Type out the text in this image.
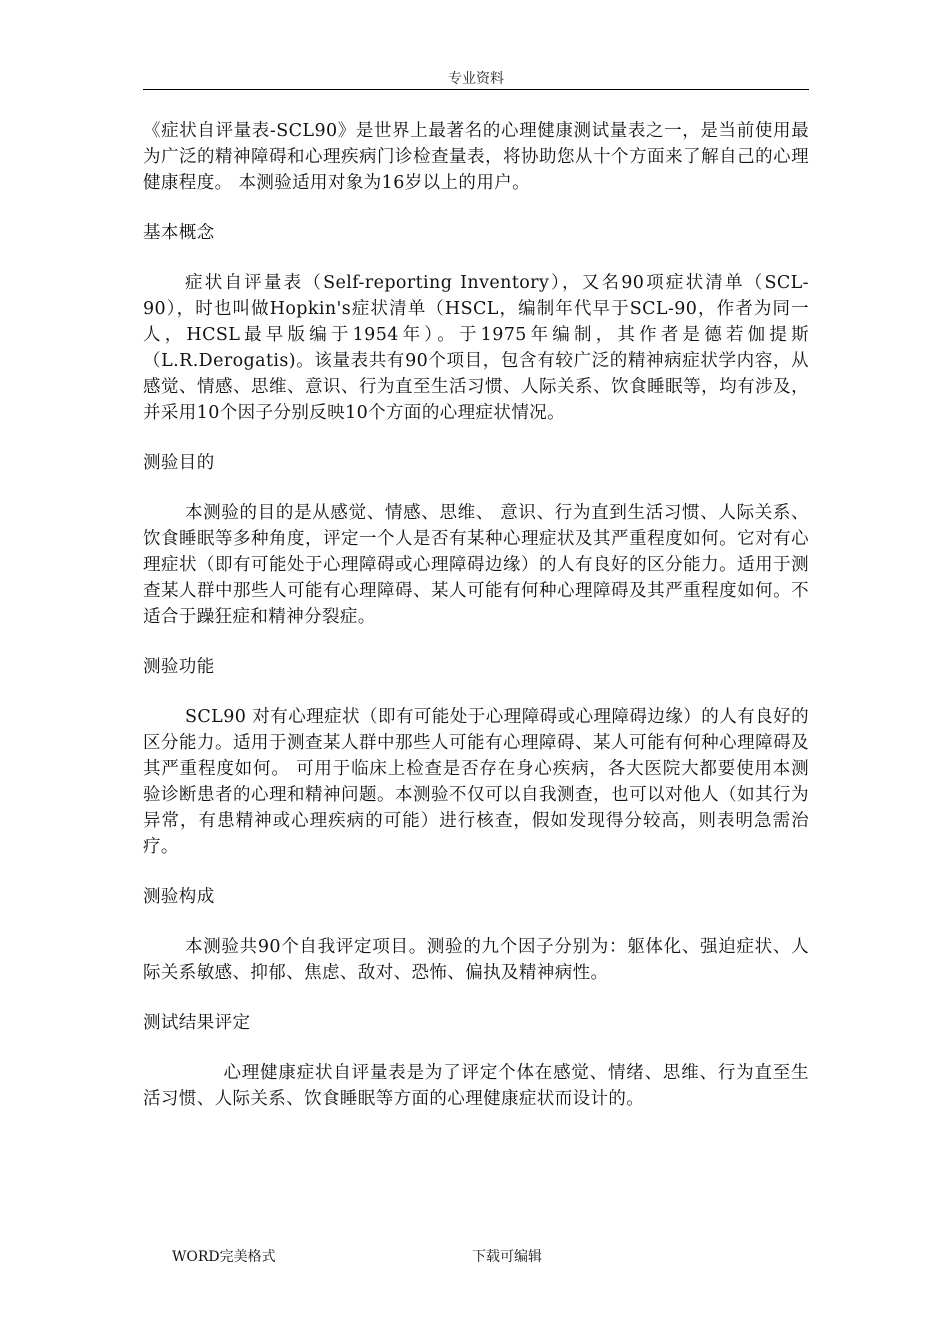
专业资料

《症状自评量表-SCL90》是世界上最著名的心理健康测试量表之一，是当前使用最为广泛的精神障碍和心理疾病门诊检查量表，将协助您从十个方面来了解自己的心理健康程度。 本测验适用对象为16岁以上的用户。

基本概念

症状自评量表（Self-reporting Inventory），又名90项症状清单（SCL-90），时也叫做Hopkin's症状清单（HSCL，编制年代早于SCL-90，作者为同一人，HCSL最早版编于1954年）。于1975年编制，其作者是德若伽提斯（L.R.Derogatis)。该量表共有90个项目，包含有较广泛的精神病症状学内容，从感觉、情感、思维、意识、行为直至生活习惯、人际关系、饮食睡眠等，均有涉及，并采用10个因子分别反映10个方面的心理症状情况。

测验目的

本测验的目的是从感觉、情感、思维、 意识、行为直到生活习惯、人际关系、饮食睡眠等多种角度，评定一个人是否有某种心理症状及其严重程度如何。它对有心理症状（即有可能处于心理障碍或心理障碍边缘）的人有良好的区分能力。适用于测查某人群中那些人可能有心理障碍、某人可能有何种心理障碍及其严重程度如何。不适合于躁狂症和精神分裂症。

测验功能

SCL90 对有心理症状（即有可能处于心理障碍或心理障碍边缘）的人有良好的区分能力。适用于测查某人群中那些人可能有心理障碍、某人可能有何种心理障碍及其严重程度如何。 可用于临床上检查是否存在身心疾病，各大医院大都要使用本测验诊断患者的心理和精神问题。本测验不仅可以自我测查，也可以对他人（如其行为异常，有患精神或心理疾病的可能）进行核查，假如发现得分较高，则表明急需治疗。

测验构成

本测验共90个自我评定项目。测验的九个因子分别为：躯体化、强迫症状、人际关系敏感、抑郁、焦虑、敌对、恐怖、偏执及精神病性。

测试结果评定

心理健康症状自评量表是为了评定个体在感觉、情绪、思维、行为直至生活习惯、人际关系、饮食睡眠等方面的心理健康症状而设计的。

WORD完美格式	下载可编辑
